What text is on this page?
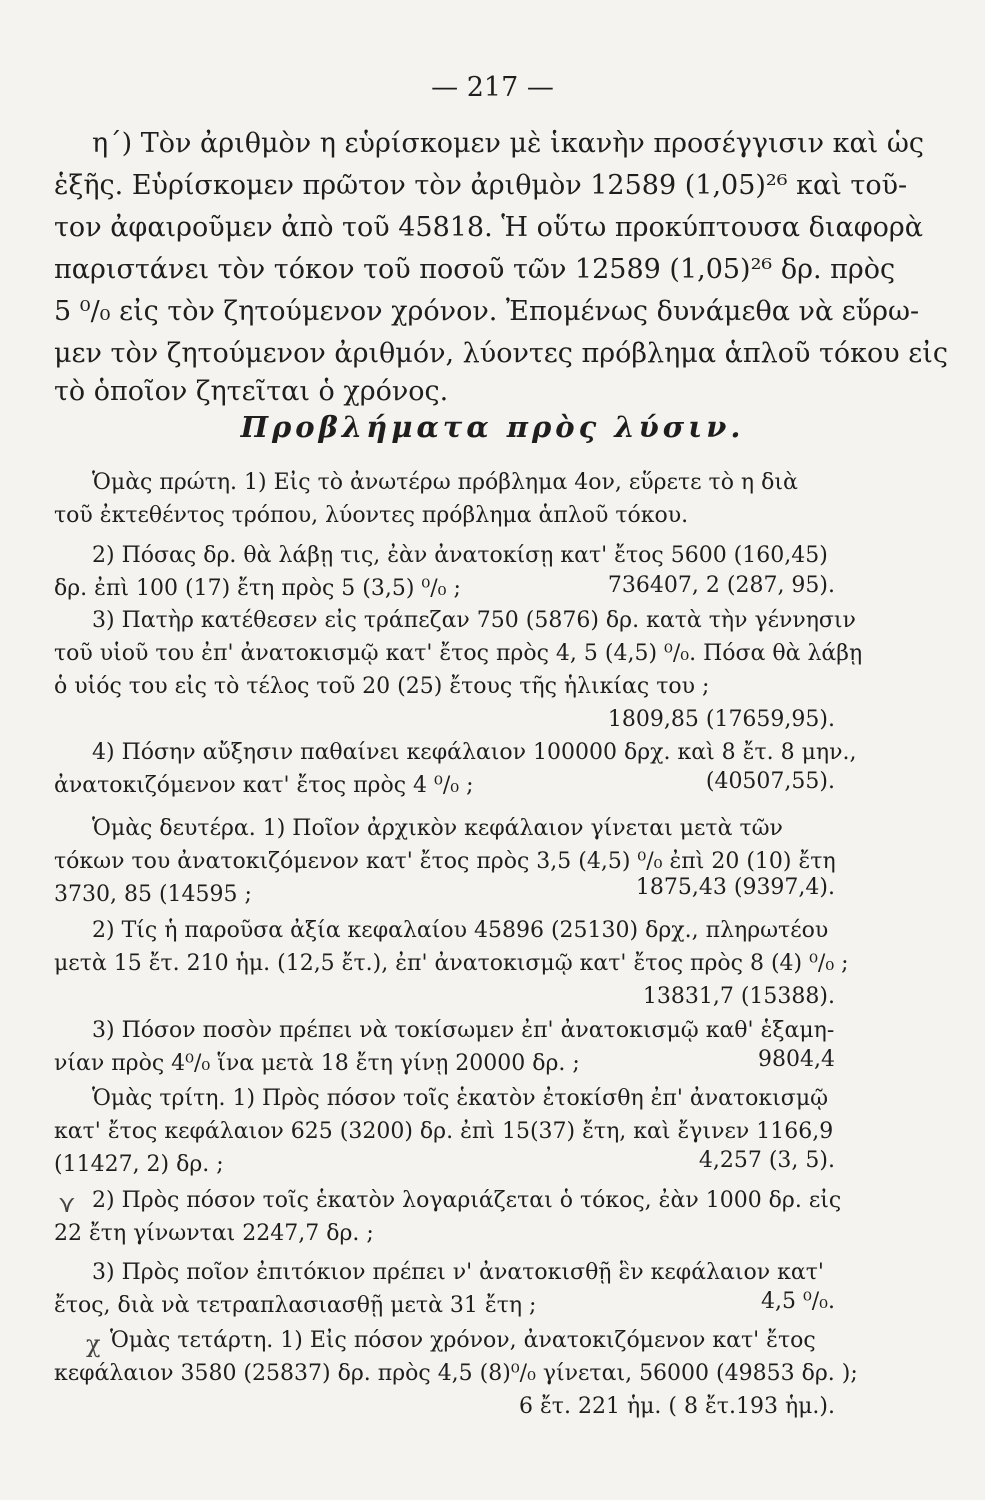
— 217 —
η΄) Τὸν ἀριθμὸν η εὑρίσκομεν μὲ ἱκανὴν προσέγγισιν καὶ ὡς
ἑξῆς. Εὑρίσκομεν πρῶτον τὸν ἀριθμὸν 12589 (1,05)²⁶ καὶ τοῦ-
τον ἀφαιροῦμεν ἀπὸ τοῦ 45818. Ἡ οὕτω προκύπτουσα διαφορὰ
παριστάνει τὸν τόκον τοῦ ποσοῦ τῶν 12589 (1,05)²⁶ δρ. πρὸς
5 ⁰/₀ εἰς τὸν ζητούμενον χρόνον. Ἐπομένως δυνάμεθα νὰ εὕρω-
μεν τὸν ζητούμενον ἀριθμόν, λύοντες πρόβλημα ἁπλοῦ τόκου εἰς
τὸ ὁποῖον ζητεῖται ὁ χρόνος.
Προβλήματα πρὸς λύσιν.
Ὁμὰς πρώτη. 1) Εἰς τὸ ἀνωτέρω πρόβλημα 4ον, εὕρετε τὸ η διὰ
τοῦ ἐκτεθέντος τρόπου, λύοντες πρόβλημα ἁπλοῦ τόκου.
2) Πόσας δρ. θὰ λάβῃ τις, ἐὰν ἀνατοκίσῃ κατ' ἔτος 5600 (160,45)
δρ. ἐπὶ 100 (17) ἔτη πρὸς 5 (3,5) ⁰/₀ ;	736407, 2 (287, 95).
3) Πατὴρ κατέθεσεν εἰς τράπεζαν 750 (5876) δρ. κατὰ τὴν γέννησιν
τοῦ υἱοῦ του ἐπ' ἀνατοκισμῷ κατ' ἔτος πρὸς 4, 5 (4,5) ⁰/₀. Πόσα θὰ λάβῃ
ὁ υἱός του εἰς τὸ τέλος τοῦ 20 (25) ἔτους τῆς ἡλικίας του ;
1809,85 (17659,95).
4) Πόσην αὔξησιν παθαίνει κεφάλαιον 100000 δρχ. καὶ 8 ἔτ. 8 μην.,
ἀνατοκιζόμενον κατ' ἔτος πρὸς 4 ⁰/₀ ;	(40507,55).
Ὁμὰς δευτέρα. 1) Ποῖον ἀρχικὸν κεφάλαιον γίνεται μετὰ τῶν
τόκων του ἀνατοκιζόμενον κατ' ἔτος πρὸς 3,5 (4,5) ⁰/₀ ἐπὶ 20 (10) ἔτη
3730, 85 (14595 ;	1875,43 (9397,4).
2) Τίς ἡ παροῦσα ἀξία κεφαλαίου 45896 (25130) δρχ., πληρωτέου
μετὰ 15 ἔτ. 210 ἡμ. (12,5 ἔτ.), ἐπ' ἀνατοκισμῷ κατ' ἔτος πρὸς 8 (4) ⁰/₀ ;
13831,7 (15388).
3) Πόσον ποσὸν πρέπει νὰ τοκίσωμεν ἐπ' ἀνατοκισμῷ καθ' ἑξαμη-
νίαν πρὸς 4⁰/₀ ἵνα μετὰ 18 ἔτη γίνῃ 20000 δρ. ;	9804,4
Ὁμὰς τρίτη. 1) Πρὸς πόσον τοῖς ἑκατὸν ἐτοκίσθη ἐπ' ἀνατοκισμῷ
κατ' ἔτος κεφάλαιον 625 (3200) δρ. ἐπὶ 15(37) ἔτη, καὶ ἔγινεν 1166,9
(11427, 2) δρ. ;	4,257 (3, 5).
2) Πρὸς πόσον τοῖς ἑκατὸν λογαριάζεται ὁ τόκος, ἐὰν 1000 δρ. εἰς
22 ἔτη γίνωνται 2247,7 δρ. ;
3) Πρὸς ποῖον ἐπιτόκιον πρέπει ν' ἀνατοκισθῇ ἓν κεφάλαιον κατ'
ἔτος, διὰ νὰ τετραπλασιασθῇ μετὰ 31 ἔτη ;	4,5 ⁰/₀.
Ὁμὰς τετάρτη. 1) Εἰς πόσον χρόνον, ἀνατοκιζόμενον κατ' ἔτος
κεφάλαιον 3580 (25837) δρ. πρὸς 4,5 (8)⁰/₀ γίνεται, 56000 (49853 δρ. );
6 ἔτ. 221 ἡμ. ( 8 ἔτ.193 ἡμ.).
⋎
χ
